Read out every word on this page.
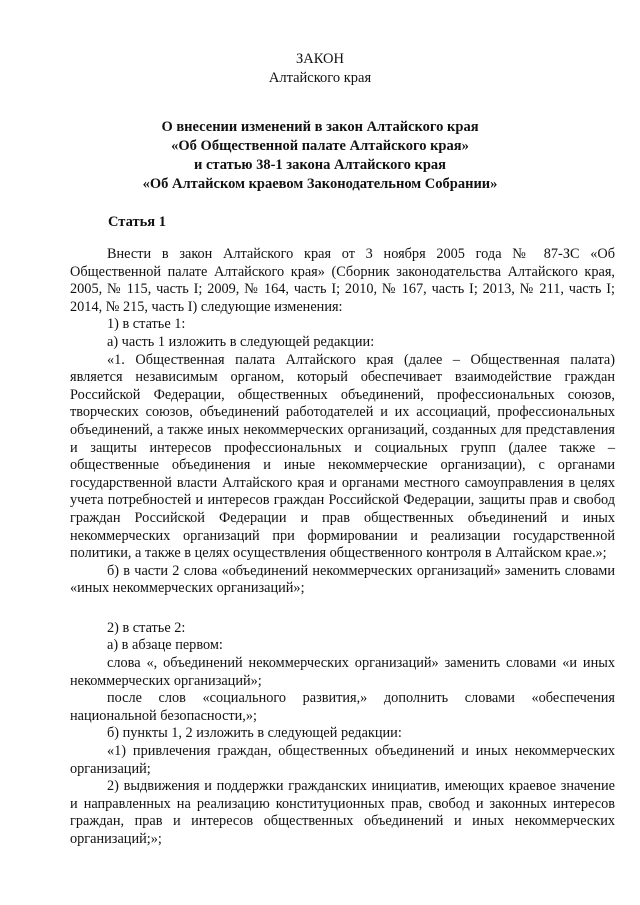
ЗАКОН
Алтайского края
О внесении изменений в закон Алтайского края
«Об Общественной палате Алтайского края»
и статью 38-1 закона Алтайского края
«Об Алтайском краевом Законодательном Собрании»
Статья 1

Внести в закон Алтайского края от 3 ноября 2005 года № 87-ЗС «Об Общественной палате Алтайского края» (Сборник законодательства Алтайского края, 2005, № 115, часть I; 2009, № 164, часть I; 2010, № 167, часть I; 2013, № 211, часть I; 2014, № 215, часть I) следующие изменения:

1) в статье 1:

а) часть 1 изложить в следующей редакции:

«1. Общественная палата Алтайского края (далее – Общественная палата) является независимым органом, который обеспечивает взаимодействие граждан Российской Федерации, общественных объединений, профессиональных союзов, творческих союзов, объединений работодателей и их ассоциаций, профессиональных объединений, а также иных некоммерческих организаций, созданных для представления и защиты интересов профессиональных и социальных групп (далее также – общественные объединения и иные некоммерческие организации), с органами государственной власти Алтайского края и органами местного самоуправления в целях учета потребностей и интересов граждан Российской Федерации, защиты прав и свобод граждан Российской Федерации и прав общественных объединений и иных некоммерческих организаций при формировании и реализации государственной политики, а также в целях осуществления общественного контроля в Алтайском крае.»;

б) в части 2 слова «объединений некоммерческих организаций» заменить словами «иных некоммерческих организаций»;

2) в статье 2:

а) в абзаце первом:

слова «, объединений некоммерческих организаций» заменить словами «и иных некоммерческих организаций»;

после слов «социального развития,» дополнить словами «обеспечения национальной безопасности,»;

б) пункты 1, 2 изложить в следующей редакции:

«1) привлечения граждан, общественных объединений и иных некоммерческих организаций;

2) выдвижения и поддержки гражданских инициатив, имеющих краевое значение и направленных на реализацию конституционных прав, свобод и законных интересов граждан, прав и интересов общественных объединений и иных некоммерческих организаций;»;
